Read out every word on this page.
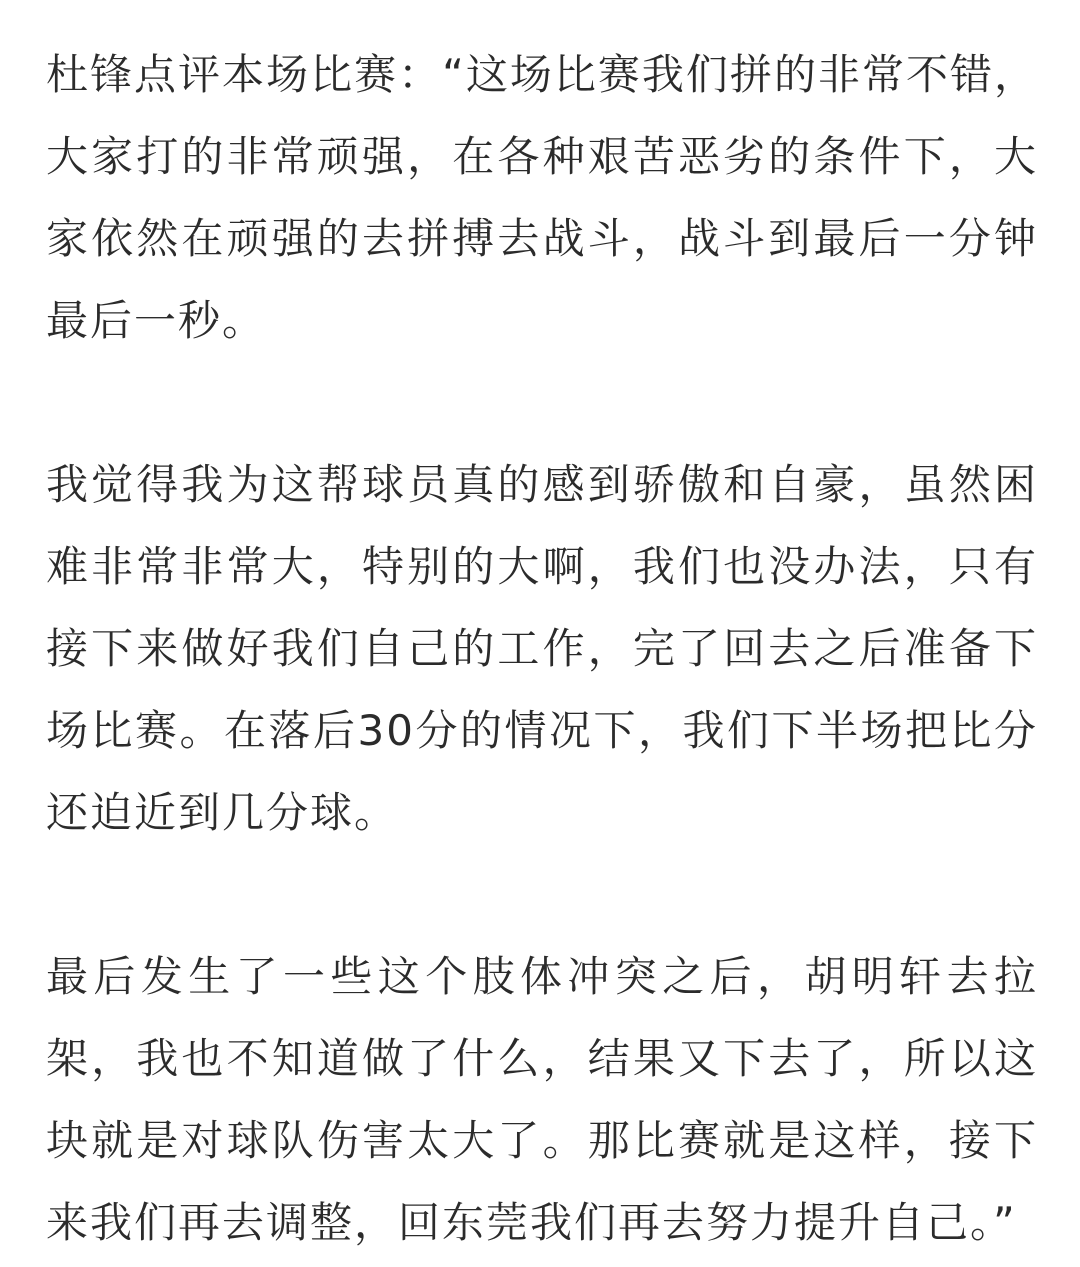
杜锋点评本场比赛：“这场比赛我们拼的非常不错，大家打的非常顽强，在各种艰苦恶劣的条件下，大家依然在顽强的去拼搏去战斗，战斗到最后一分钟最后一秒。

我觉得我为这帮球员真的感到骄傲和自豪，虽然困难非常非常大，特别的大啊，我们也没办法，只有接下来做好我们自己的工作，完了回去之后准备下场比赛。在落后30分的情况下，我们下半场把比分还迫近到几分球。

最后发生了一些这个肢体冲突之后，胡明轩去拉架，我也不知道做了什么，结果又下去了，所以这块就是对球队伤害太大了。那比赛就是这样，接下来我们再去调整，回东莞我们再去努力提升自己。”
